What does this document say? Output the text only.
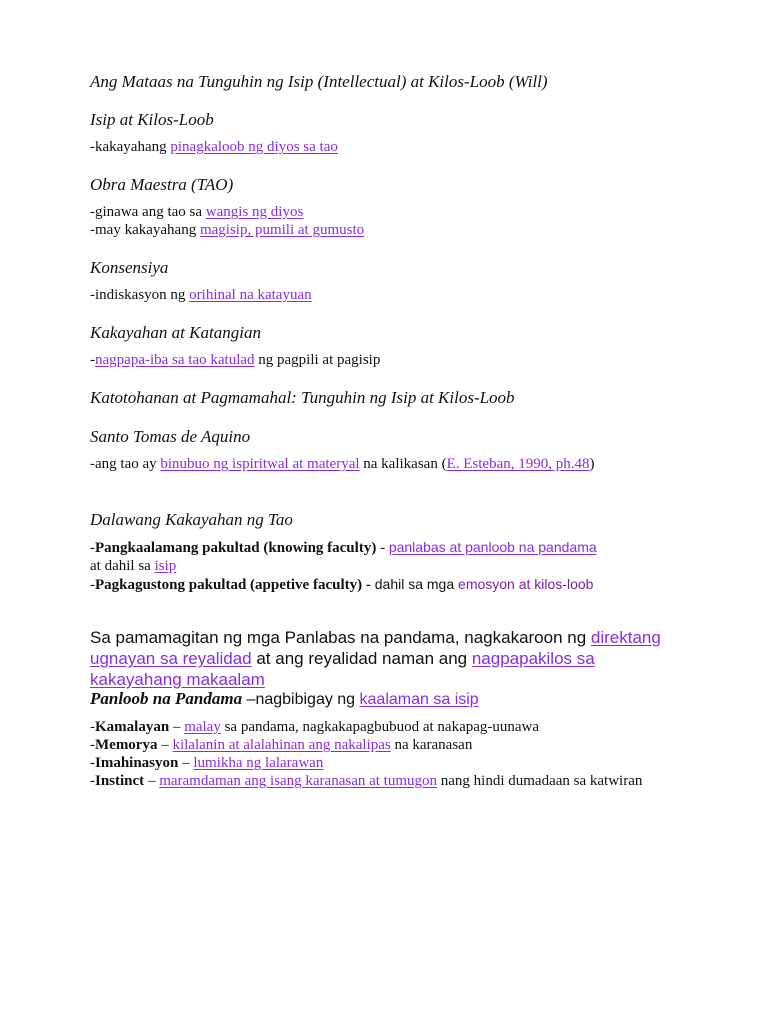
Ang Mataas na Tunguhin ng Isip (Intellectual) at Kilos-Loob (Will)
Isip at Kilos-Loob

-kakayahang pinagkaloob ng diyos sa tao

Obra Maestra (TAO)

-ginawa ang tao sa wangis ng diyos

-may kakayahang magisip, pumili at gumusto

Konsensiya

-indiskasyon ng orihinal na katayuan

Kakayahan at Katangian

-nagpapa-iba sa tao katulad ng pagpili at pagisip

Katotohanan at Pagmamahal: Tunguhin ng Isip at Kilos-Loob
Santo Tomas de Aquino

-ang tao ay binubuo ng ispiritwal at materyal na kalikasan (E. Esteban, 1990, ph.48)

Dalawang Kakayahan ng Tao

-Pangkaalamang pakultad (knowing faculty) - panlabas at panloob na pandama
at dahil sa isip

-Pagkagustong pakultad (appetive faculty) - dahil sa mga emosyon at kilos-loob

Sa pamamagitan ng mga Panlabas na pandama, nagkakaroon ng direktang ugnayan sa reyalidad at ang reyalidad naman ang nagpapakilos sa kakayahang makaalam

Panloob na Pandama –nagbibigay ng kaalaman sa isip

-Kamalayan – malay sa pandama, nagkakapagbubuod at nakapag-uunawa

-Memorya – kilalanin at alalahinan ang nakalipas na karanasan

-Imahinasyon – lumikha ng lalarawan

-Instinct – maramdaman ang isang karanasan at tumugon nang hindi dumadaan sa katwiran
